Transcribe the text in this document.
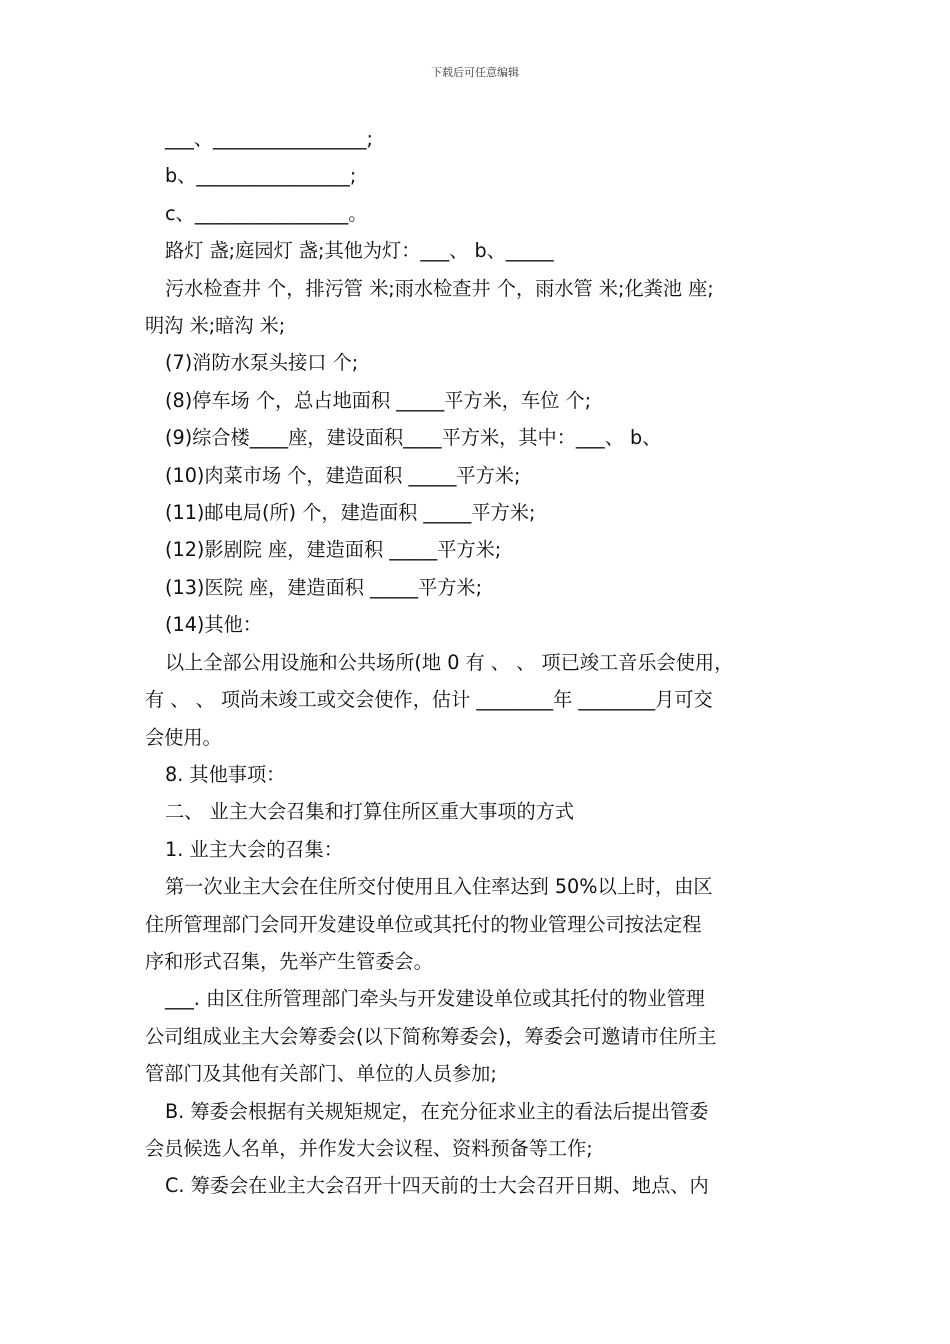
下载后可任意编辑

___、________________;

b、________________;

c、________________。

路灯 盏;庭园灯 盏;其他为灯：___、 b、_____

污水检查井 个，排污管 米;雨水检查井 个，雨水管 米;化粪池 座;

明沟 米;暗沟 米;

(7)消防水泵头接口 个;

(8)停车场 个，总占地面积 _____平方米，车位 个;

(9)综合楼____座，建设面积____平方米，其中：___、 b、

(10)肉菜市场 个，建造面积 _____平方米;

(11)邮电局(所) 个，建造面积 _____平方米;

(12)影剧院 座，建造面积 _____平方米;

(13)医院 座，建造面积 _____平方米;

(14)其他：

以上全部公用设施和公共场所(地 0 有 、 、 项已竣工音乐会使用，

有 、 、 项尚未竣工或交会使作，估计 ________年 ________月可交

会使用。

8. 其他事项：

二、 业主大会召集和打算住所区重大事项的方式

1. 业主大会的召集：

第一次业主大会在住所交付使用且入住率达到 50%以上时，由区

住所管理部门会同开发建设单位或其托付的物业管理公司按法定程

序和形式召集，先举产生管委会。

___. 由区住所管理部门牵头与开发建设单位或其托付的物业管理

公司组成业主大会筹委会(以下简称筹委会)，筹委会可邀请市住所主

管部门及其他有关部门、单位的人员参加;

B. 筹委会根据有关规矩规定，在充分征求业主的看法后提出管委

会员候选人名单，并作发大会议程、资料预备等工作;

C. 筹委会在业主大会召开十四天前的士大会召开日期、地点、内
